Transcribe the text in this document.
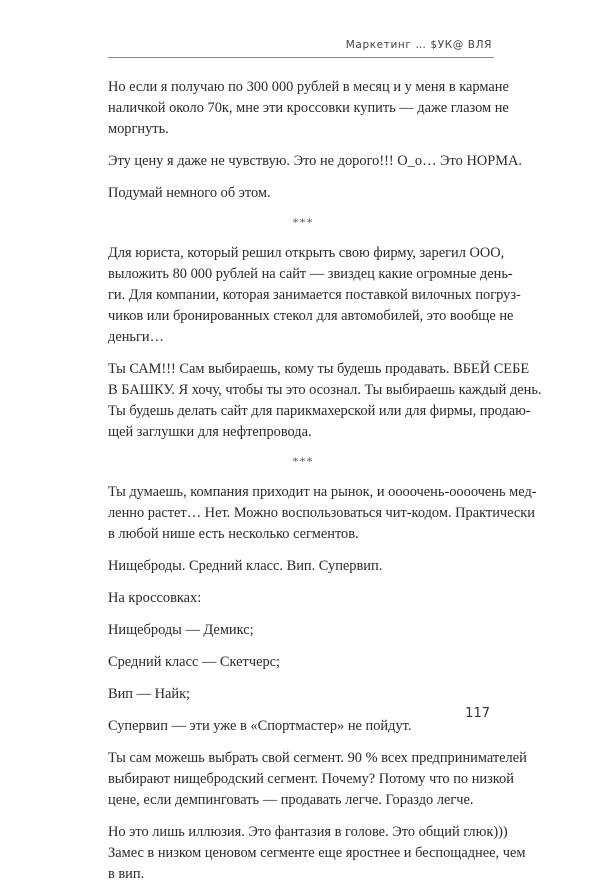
Маркетинг … $УК@ ВЛЯ

Но если я получаю по 300 000 рублей в месяц и у меня в кармане
наличкой около 70к, мне эти кроссовки купить — даже глазом не
моргнуть.

Эту цену я даже не чувствую. Это не дорого!!! О_о… Это НОРМА.

Подумай немного об этом.

***

Для юриста, который решил открыть свою фирму, зарегил ООО,
выложить 80 000 рублей на сайт — звиздец какие огромные день-
ги. Для компании, которая занимается поставкой вилочных погруз-
чиков или бронированных стекол для автомобилей, это вообще не
деньги…

Ты САМ!!! Сам выбираешь, кому ты будешь продавать. ВБЕЙ СЕБЕ
В БАШКУ. Я хочу, чтобы ты это осознал. Ты выбираешь каждый день.
Ты будешь делать сайт для парикмахерской или для фирмы, продаю-
щей заглушки для нефтепровода.

***

Ты думаешь, компания приходит на рынок, и оооочень-оооочень мед-
ленно растет… Нет. Можно воспользоваться чит-кодом. Практически
в любой нише есть несколько сегментов.

Нищеброды. Средний класс. Вип. Супервип.

На кроссовках:

Нищеброды — Демикс;

Средний класс — Скетчерс;

Вип — Найк;

Супервип — эти уже в «Спортмастер» не пойдут.

Ты сам можешь выбрать свой сегмент. 90 % всех предпринимателей
выбирают нищебродский сегмент. Почему? Потому что по низкой
цене, если демпинговать — продавать легче. Гораздо легче.

Но это лишь иллюзия. Это фантазия в голове. Это общий глюк)))
Замес в низком ценовом сегменте еще яростнее и беспощаднее, чем
в вип.

117
